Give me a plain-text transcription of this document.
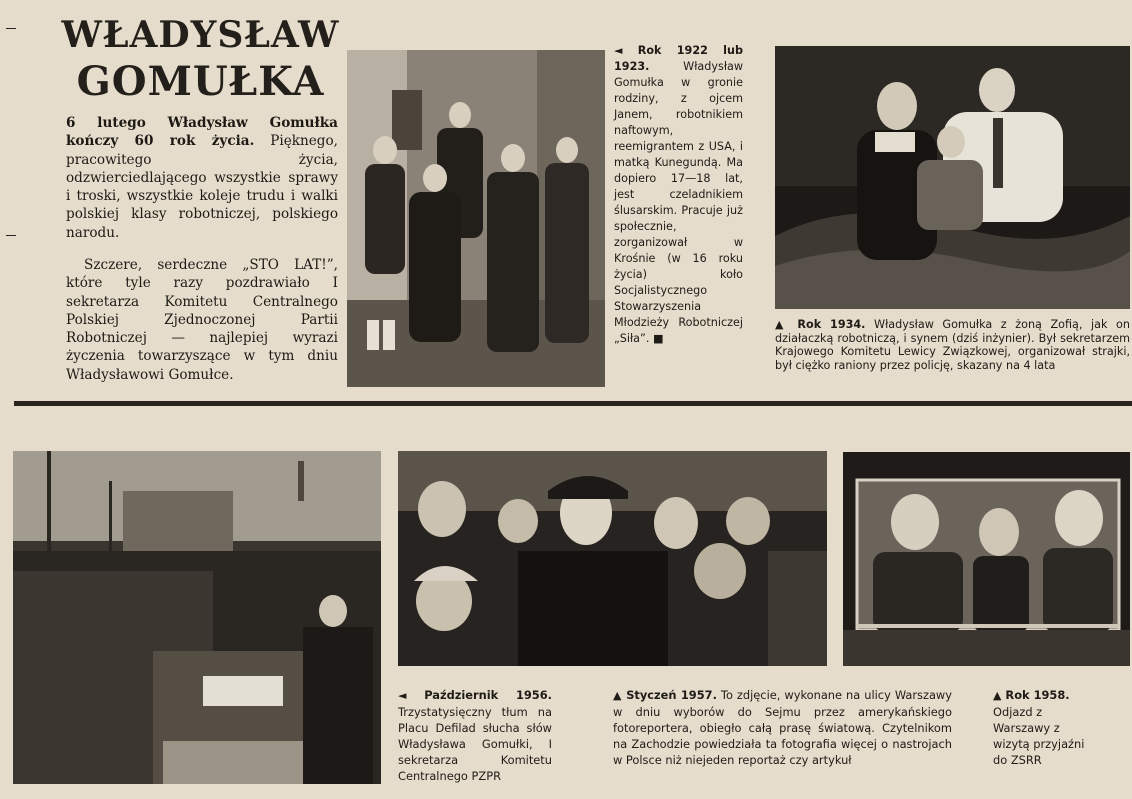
WŁADYSŁAW
GOMUŁKA

6 lutego Władysław Gomułka kończy 60 rok życia. Pięknego, pracowitego życia, odzwierciedlającego wszystkie sprawy i troski, wszystkie koleje trudu i walki polskiej klasy robotniczej, polskiego narodu.

Szczere, serdeczne „STO LAT!”, które tyle razy pozdrawiało I sekretarza Komitetu Centralnego Polskiej Zjednoczonej Partii Robotniczej — najlepiej wyrazi życzenia towarzyszące w tym dniu Władysławowi Gomułce.

◄ Rok 1922 lub 1923. Władysław Gomułka w gronie rodziny, z ojcem Janem, robotnikiem naftowym, reemigrantem z USA, i matką Kunegundą. Ma dopiero 17—18 lat, jest czeladnikiem ślusarskim. Pracuje już społecznie, zorganizował w Krośnie (w 16 roku życia) koło Socjalistycznego Stowarzyszenia Młodzieży Robotniczej „Siła”. ■

▲ Rok 1934. Władysław Gomułka z żoną Zofią, jak on działaczką robotniczą, i synem (dziś inżynier). Był sekretarzem Krajowego Komitetu Lewicy Związkowej, organizował strajki, był ciężko raniony przez policję, skazany na 4 lata

◄ Październik 1956. Trzystatysięczny tłum na Placu Defilad słucha słów Władysława Gomułki, I sekretarza Komitetu Centralnego PZPR

▲ Styczeń 1957. To zdjęcie, wykonane na ulicy Warszawy w dniu wyborów do Sejmu przez amerykańskiego fotoreportera, obiegło całą prasę światową. Czytelnikom na Zachodzie powiedziała ta fotografia więcej o nastrojach w Polsce niż niejeden reportaż czy artykuł

▲ Rok 1958. Odjazd z Warszawy z wizytą przyjaźni do ZSRR
